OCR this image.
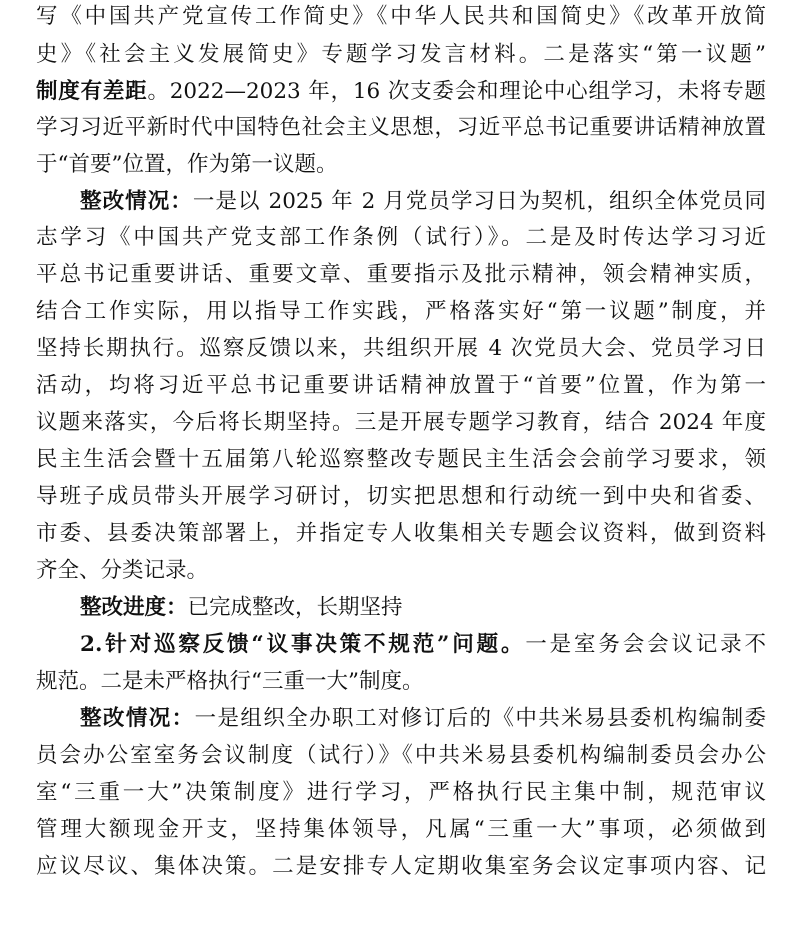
写《中国共产党宣传工作简史》《中华人民共和国简史》《改革开放简
史》《社会主义发展简史》专题学习发言材料。二是落实“第一议题”
制度有差距。2022—2023 年，16 次支委会和理论中心组学习，未将专题
学习习近平新时代中国特色社会主义思想，习近平总书记重要讲话精神放置
于“首要”位置，作为第一议题。
整改情况：一是以 2025 年 2 月党员学习日为契机，组织全体党员同
志学习《中国共产党支部工作条例（试行）》。二是及时传达学习习近
平总书记重要讲话、重要文章、重要指示及批示精神，领会精神实质，
结合工作实际，用以指导工作实践，严格落实好“第一议题”制度，并
坚持长期执行。巡察反馈以来，共组织开展 4 次党员大会、党员学习日
活动，均将习近平总书记重要讲话精神放置于“首要”位置，作为第一
议题来落实，今后将长期坚持。三是开展专题学习教育，结合 2024 年度
民主生活会暨十五届第八轮巡察整改专题民主生活会会前学习要求，领
导班子成员带头开展学习研讨，切实把思想和行动统一到中央和省委、
市委、县委决策部署上，并指定专人收集相关专题会议资料，做到资料
齐全、分类记录。
整改进度：已完成整改，长期坚持
2.针对巡察反馈“议事决策不规范”问题。一是室务会会议记录不
规范。二是未严格执行“三重一大”制度。
整改情况：一是组织全办职工对修订后的《中共米易县委机构编制委
员会办公室室务会议制度（试行）》《中共米易县委机构编制委员会办公
室“三重一大”决策制度》进行学习，严格执行民主集中制，规范审议
管理大额现金开支，坚持集体领导，凡属“三重一大”事项，必须做到
应议尽议、集体决策。二是安排专人定期收集室务会议定事项内容、记
